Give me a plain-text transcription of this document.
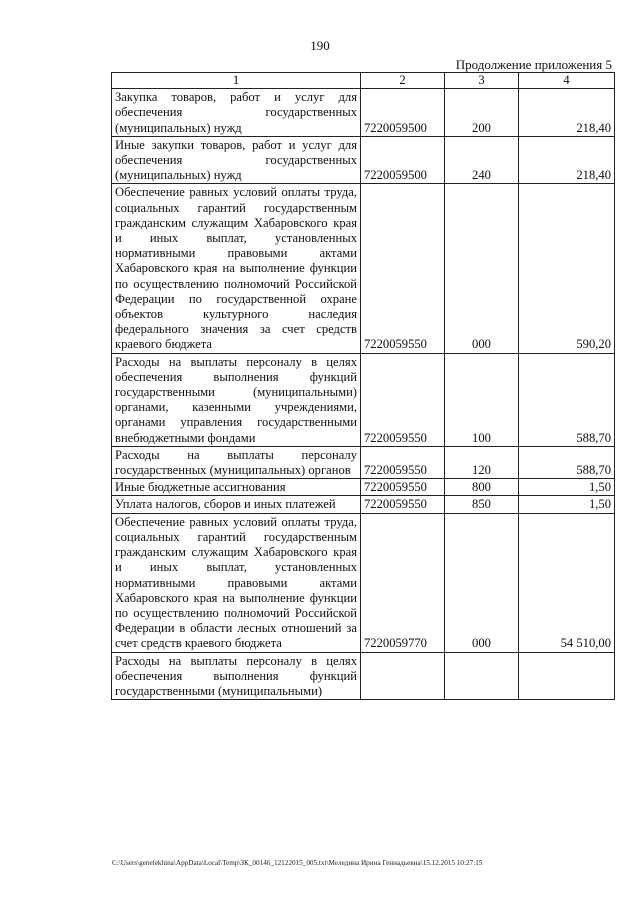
190
Продолжение приложения 5
1	2	3	4
Закупка товаров, работ и услуг для обеспечения государственных (муниципальных) нужд	7220059500	200	218,40
Иные закупки товаров, работ и услуг для обеспечения государственных (муниципальных) нужд	7220059500	240	218,40
Обеспечение равных условий оплаты труда, социальных гарантий государственным гражданским служащим Хабаровского края и иных выплат, установленных нормативными правовыми актами Хабаровского края на выполнение функции по осуществлению полномочий Российской Федерации по государственной охране объектов культурного наследия федерального значения за счет средств краевого бюджета	7220059550	000	590,20
Расходы на выплаты персоналу в целях обеспечения выполнения функций государственными (муниципальными) органами, казенными учреждениями, органами управления государственными внебюджетными фондами	7220059550	100	588,70
Расходы на выплаты персоналу государственных (муниципальных) органов	7220059550	120	588,70
Иные бюджетные ассигнования	7220059550	800	1,50
Уплата налогов, сборов и иных платежей	7220059550	850	1,50
Обеспечение равных условий оплаты труда, социальных гарантий государственным гражданским служащим Хабаровского края и иных выплат, установленных нормативными правовыми актами Хабаровского края на выполнение функции по осуществлению полномочий Российской Федерации в области лесных отношений за счет средств краевого бюджета	7220059770	000	54 510,00
Расходы на выплаты персоналу в целях обеспечения выполнения функций государственными (муниципальными)			
C:\Users\genelekhina\AppData\Local\Temp\ЗК_00146_12122015_005.txt\Меледина Ирина Геннадьевна\15.12.2015 10:27:15
